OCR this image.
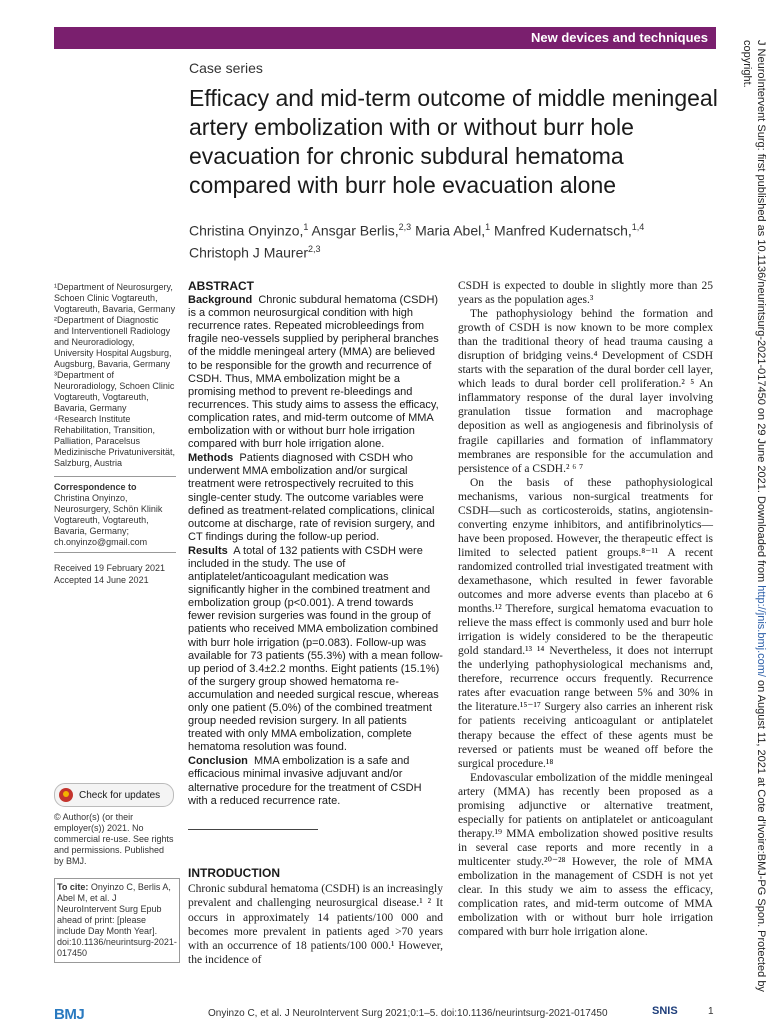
New devices and techniques
J NeuroIntervent Surg: first published as 10.1136/neurintsurg-2021-017450 on 29 June 2021. Downloaded from http://jnis.bmj.com/ on August 11, 2021 at Cote d'Ivoire:BMJ-PG Spon. Protected by copyright.
Case series
Efficacy and mid-term outcome of middle meningeal artery embolization with or without burr hole evacuation for chronic subdural hematoma compared with burr hole evacuation alone
Christina Onyinzo,$^1$ Ansgar Berlis,$^{2,3}$ Maria Abel,$^1$ Manfred Kudernatsch,$^{1,4}$
Christoph J Maurer$^{2,3}$

¹Department of Neurosurgery, Schoen Clinic Vogtareuth, Vogtareuth, Bavaria, Germany

²Department of Diagnostic and Interventionell Radiology and Neuroradiology, University Hospital Augsburg, Augsburg, Bavaria, Germany

³Department of Neuroradiology, Schoen Clinic Vogtareuth, Vogtareuth, Bavaria, Germany

⁴Research Institute Rehabilitation, Transition, Palliation, Paracelsus Medizinische Privatuniversität, Salzburg, Austria

Correspondence to
Christina Onyinzo, Neurosurgery, Schön Klinik Vogtareuth, Vogtareuth, Bavaria, Germany; ch.onyinzo@gmail.com
Received 19 February 2021
Accepted 14 June 2021
Check for updates
© Author(s) (or their employer(s)) 2021. No commercial re-use. See rights and permissions. Published by BMJ.
To cite: Onyinzo C, Berlis A, Abel M, et al. J NeuroIntervent Surg Epub ahead of print: [please include Day Month Year]. doi:10.1136/neurintsurg-2021-017450
ABSTRACT

Background Chronic subdural hematoma (CSDH) is a common neurosurgical condition with high recurrence rates. Repeated microbleedings from fragile neo-vessels supplied by peripheral branches of the middle meningeal artery (MMA) are believed to be responsible for the growth and recurrence of CSDH. Thus, MMA embolization might be a promising method to prevent re-bleedings and recurrences. This study aims to assess the efficacy, complication rates, and mid-term outcome of MMA embolization with or without burr hole irrigation compared with burr hole irrigation alone.

Methods Patients diagnosed with CSDH who underwent MMA embolization and/or surgical treatment were retrospectively recruited to this single-center study. The outcome variables were defined as treatment-related complications, clinical outcome at discharge, rate of revision surgery, and CT findings during the follow-up period.

Results A total of 132 patients with CSDH were included in the study. The use of antiplatelet/anticoagulant medication was significantly higher in the combined treatment and embolization group (p<0.001). A trend towards fewer revision surgeries was found in the group of patients who received MMA embolization combined with burr hole irrigation (p=0.083). Follow-up was available for 73 patients (55.3%) with a mean follow-up period of 3.4±2.2 months. Eight patients (15.1%) of the surgery group showed hematoma re-accumulation and needed surgical rescue, whereas only one patient (5.0%) of the combined treatment group needed revision surgery. In all patients treated with only MMA embolization, complete hematoma resolution was found.

Conclusion MMA embolization is a safe and efficacious minimal invasive adjuvant and/or alternative procedure for the treatment of CSDH with a reduced recurrence rate.

INTRODUCTION
Chronic subdural hematoma (CSDH) is an increasingly prevalent and challenging neurosurgical disease.¹ ² It occurs in approximately 14 patients/100 000 and becomes more prevalent in patients aged >70 years with an occurrence of 18 patients/100 000.¹ However, the incidence of

CSDH is expected to double in slightly more than 25 years as the population ages.³

The pathophysiology behind the formation and growth of CSDH is now known to be more complex than the traditional theory of head trauma causing a disruption of bridging veins.⁴ Development of CSDH starts with the separation of the dural border cell layer, which leads to dural border cell proliferation.² ⁵ An inflammatory response of the dural layer involving granulation tissue formation and macrophage deposition as well as angiogenesis and fibrinolysis of fragile capillaries and formation of inflammatory membranes are responsible for the accumulation and persistence of a CSDH.² ⁶ ⁷

On the basis of these pathophysiological mechanisms, various non-surgical treatments for CSDH—such as corticosteroids, statins, angiotensin-converting enzyme inhibitors, and antifibrinolytics—have been proposed. However, the therapeutic effect is limited to selected patient groups.⁸⁻¹¹ A recent randomized controlled trial investigated treatment with dexamethasone, which resulted in fewer favorable outcomes and more adverse events than placebo at 6 months.¹² Therefore, surgical hematoma evacuation to relieve the mass effect is commonly used and burr hole irrigation is widely considered to be the therapeutic gold standard.¹³ ¹⁴ Nevertheless, it does not interrupt the underlying pathophysiological mechanisms and, therefore, recurrence occurs frequently. Recurrence rates after evacuation range between 5% and 30% in the literature.¹⁵⁻¹⁷ Surgery also carries an inherent risk for patients receiving anticoagulant or antiplatelet therapy because the effect of these agents must be reversed or patients must be weaned off before the surgical procedure.¹⁸

Endovascular embolization of the middle meningeal artery (MMA) has recently been proposed as a promising adjunctive or alternative treatment, especially for patients on antiplatelet or anticoagulant therapy.¹⁹ MMA embolization showed positive results in several case reports and more recently in a multicenter study.²⁰⁻²⁸ However, the role of MMA embolization in the management of CSDH is not yet clear. In this study we aim to assess the efficacy, complication rates, and mid-term outcome of MMA embolization with or without burr hole irrigation compared with burr hole irrigation alone.

BMJ	Onyinzo C, et al. J NeuroIntervent Surg 2021;0:1–5. doi:10.1136/neurintsurg-2021-017450	SNIS	1
